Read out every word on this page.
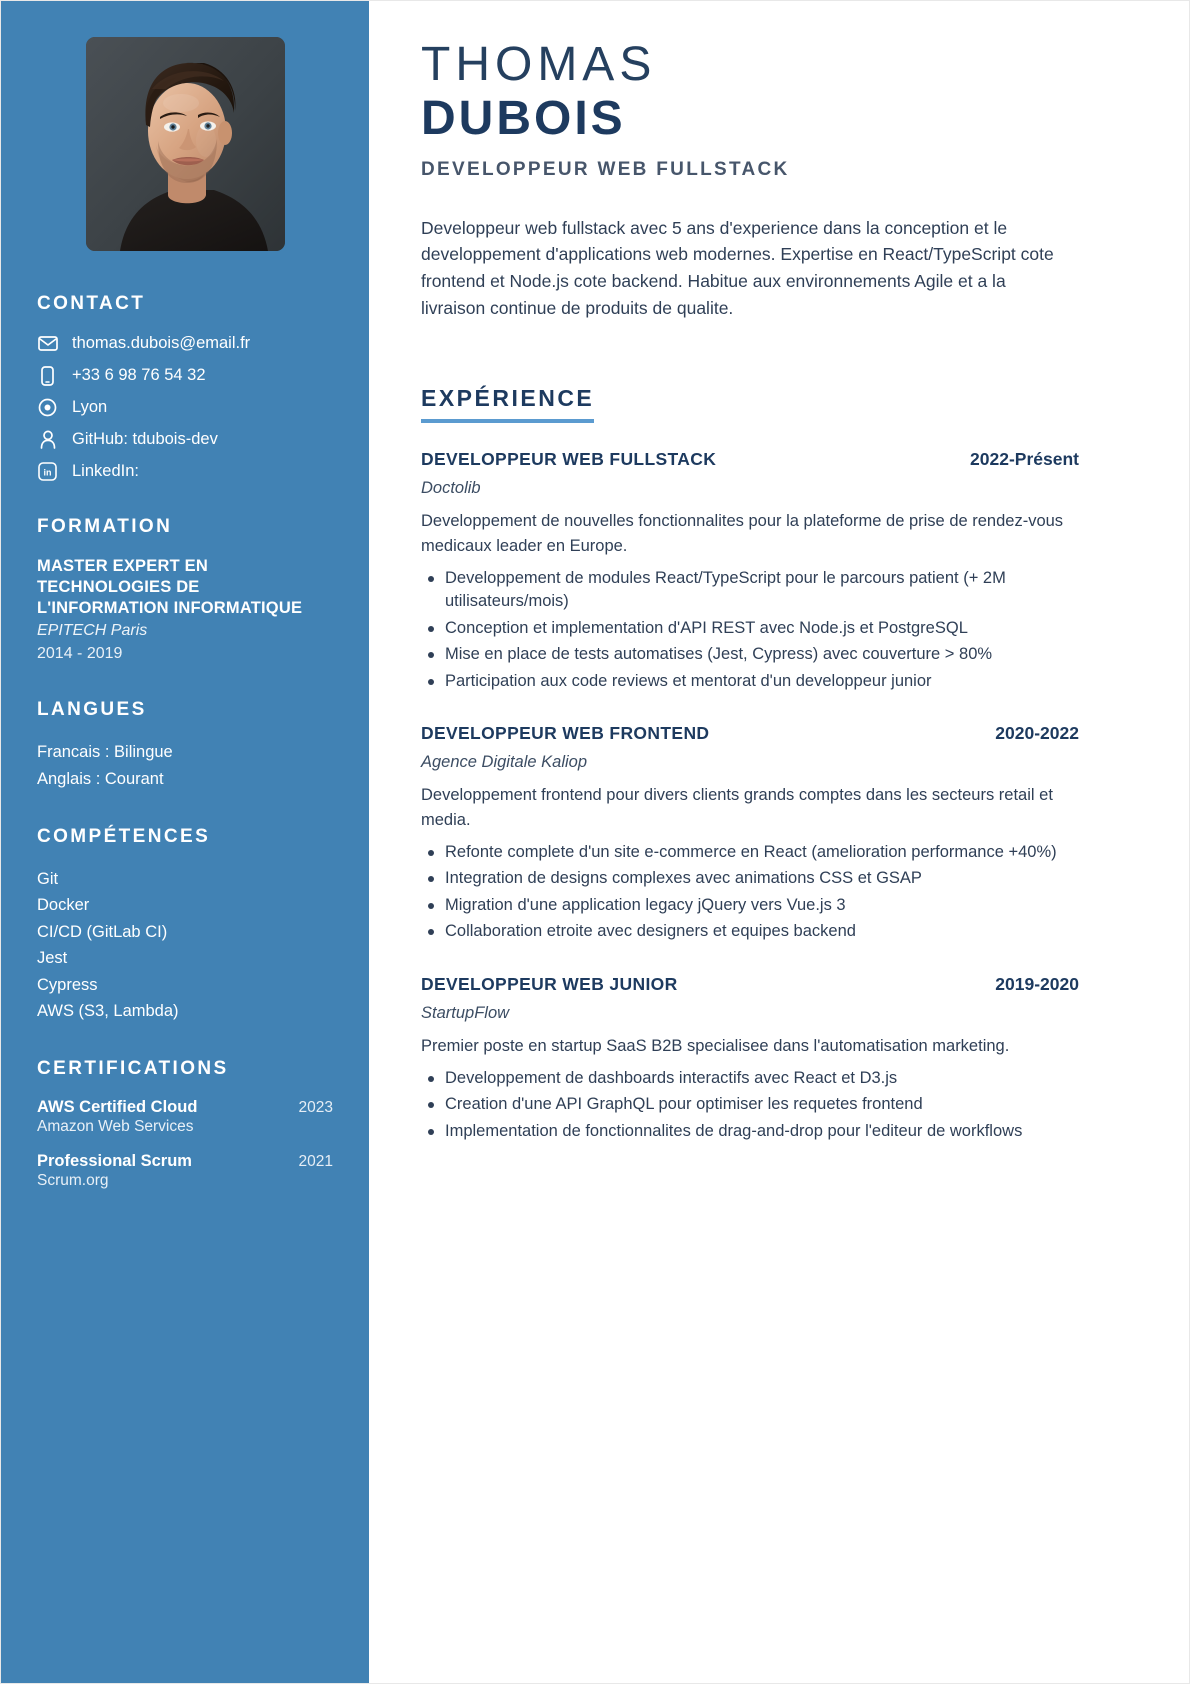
CONTACT
thomas.dubois@email.fr
+33 6 98 76 54 32
Lyon
GitHub: tdubois-dev
in LinkedIn:
FORMATION
MASTER EXPERT EN TECHNOLOGIES DE L'INFORMATION INFORMATIQUE
EPITECH Paris
2014 - 2019
LANGUES
Francais : Bilingue
Anglais : Courant
COMPÉTENCES
Git
Docker
CI/CD (GitLab CI)
Jest
Cypress
AWS (S3, Lambda)
CERTIFICATIONS
AWS Certified Cloud	2023
Amazon Web Services
Professional Scrum	2021
Scrum.org
THOMAS
DUBOIS
DEVELOPPEUR WEB FULLSTACK

Developpeur web fullstack avec 5 ans d'experience dans la conception et le developpement d'applications web modernes. Expertise en React/TypeScript cote frontend et Node.js cote backend. Habitue aux environnements Agile et a la livraison continue de produits de qualite.

EXPÉRIENCE
DEVELOPPEUR WEB FULLSTACK	2022-Présent
Doctolib
Developpement de nouvelles fonctionnalites pour la plateforme de prise de rendez-vous medicaux leader en Europe.
Developpement de modules React/TypeScript pour le parcours patient (+ 2M utilisateurs/mois)
Conception et implementation d'API REST avec Node.js et PostgreSQL
Mise en place de tests automatises (Jest, Cypress) avec couverture > 80%
Participation aux code reviews et mentorat d'un developpeur junior
DEVELOPPEUR WEB FRONTEND	2020-2022
Agence Digitale Kaliop
Developpement frontend pour divers clients grands comptes dans les secteurs retail et media.
Refonte complete d'un site e-commerce en React (amelioration performance +40%)
Integration de designs complexes avec animations CSS et GSAP
Migration d'une application legacy jQuery vers Vue.js 3
Collaboration etroite avec designers et equipes backend
DEVELOPPEUR WEB JUNIOR	2019-2020
StartupFlow
Premier poste en startup SaaS B2B specialisee dans l'automatisation marketing.
Developpement de dashboards interactifs avec React et D3.js
Creation d'une API GraphQL pour optimiser les requetes frontend
Implementation de fonctionnalites de drag-and-drop pour l'editeur de workflows
